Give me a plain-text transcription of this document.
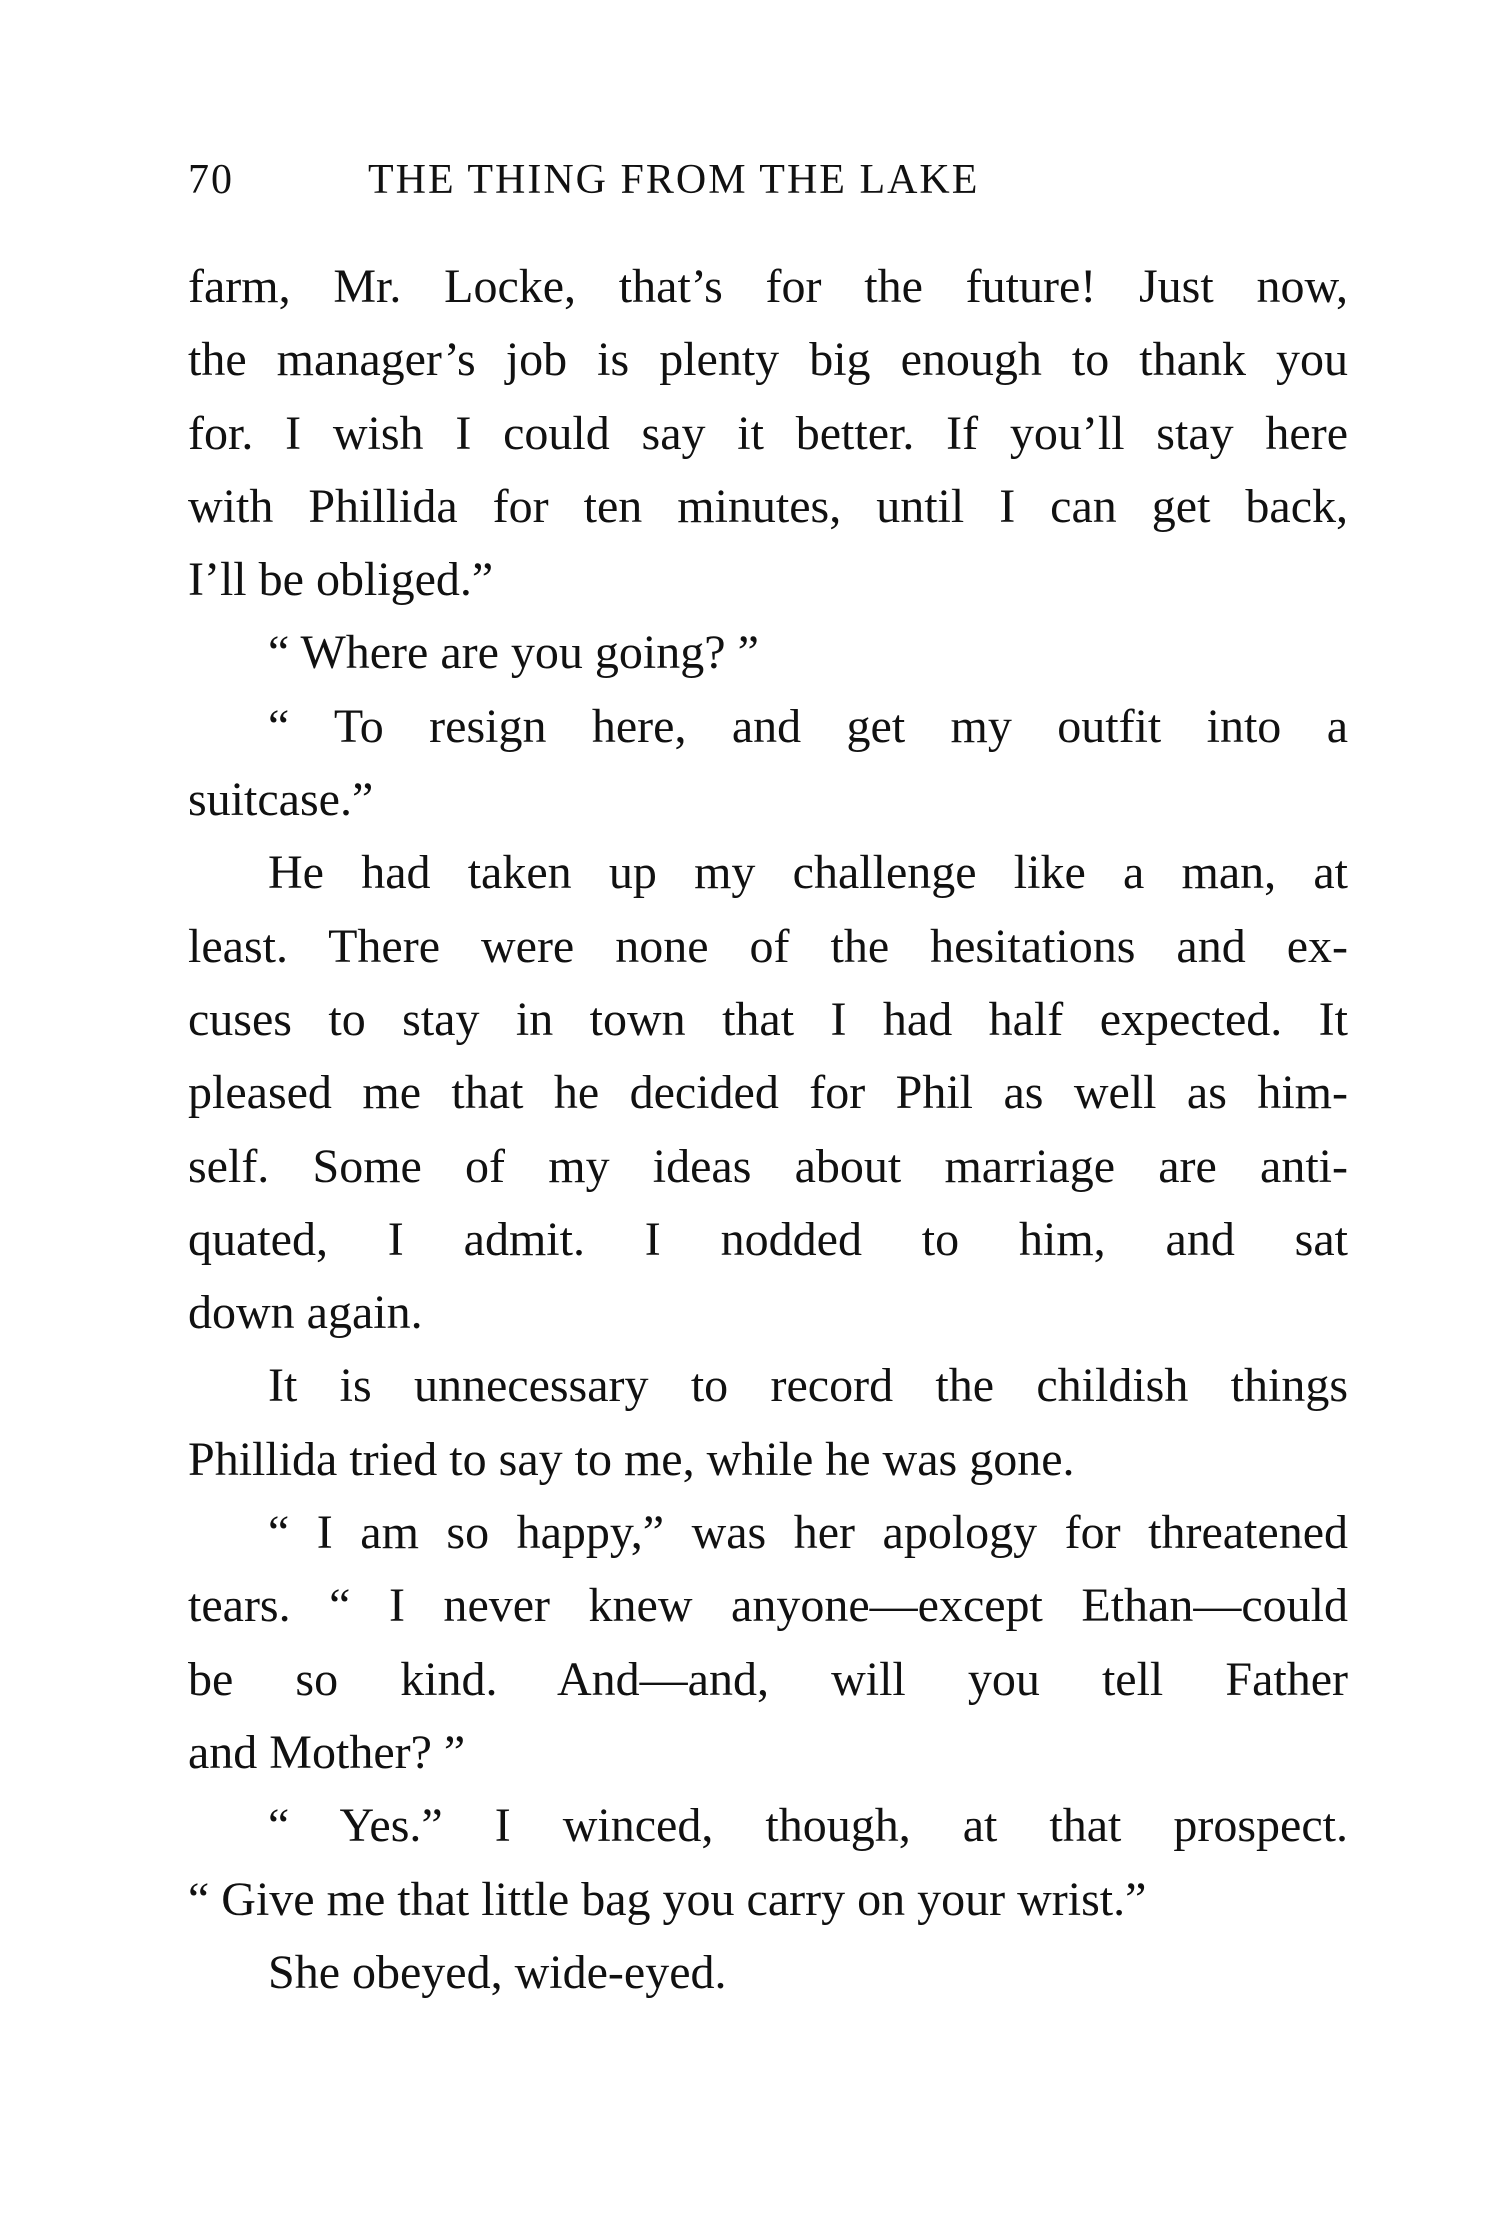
70	THE THING FROM THE LAKE
farm, Mr. Locke, that’s for the future! Just now,
the manager’s job is plenty big enough to thank you
for. I wish I could say it better. If you’ll stay here
with Phillida for ten minutes, until I can get back,
I’ll be obliged.”
“ Where are you going? ”
“ To resign here, and get my outfit into a
suitcase.”
He had taken up my challenge like a man, at
least. There were none of the hesitations and ex-
cuses to stay in town that I had half expected. It
pleased me that he decided for Phil as well as him-
self. Some of my ideas about marriage are anti-
quated, I admit. I nodded to him, and sat
down again.
It is unnecessary to record the childish things
Phillida tried to say to me, while he was gone.
“ I am so happy,” was her apology for threatened
tears. “ I never knew anyone—except Ethan—could
be so kind. And—and, will you tell Father
and Mother? ”
“ Yes.” I winced, though, at that prospect.
“ Give me that little bag you carry on your wrist.”
She obeyed, wide-eyed.
